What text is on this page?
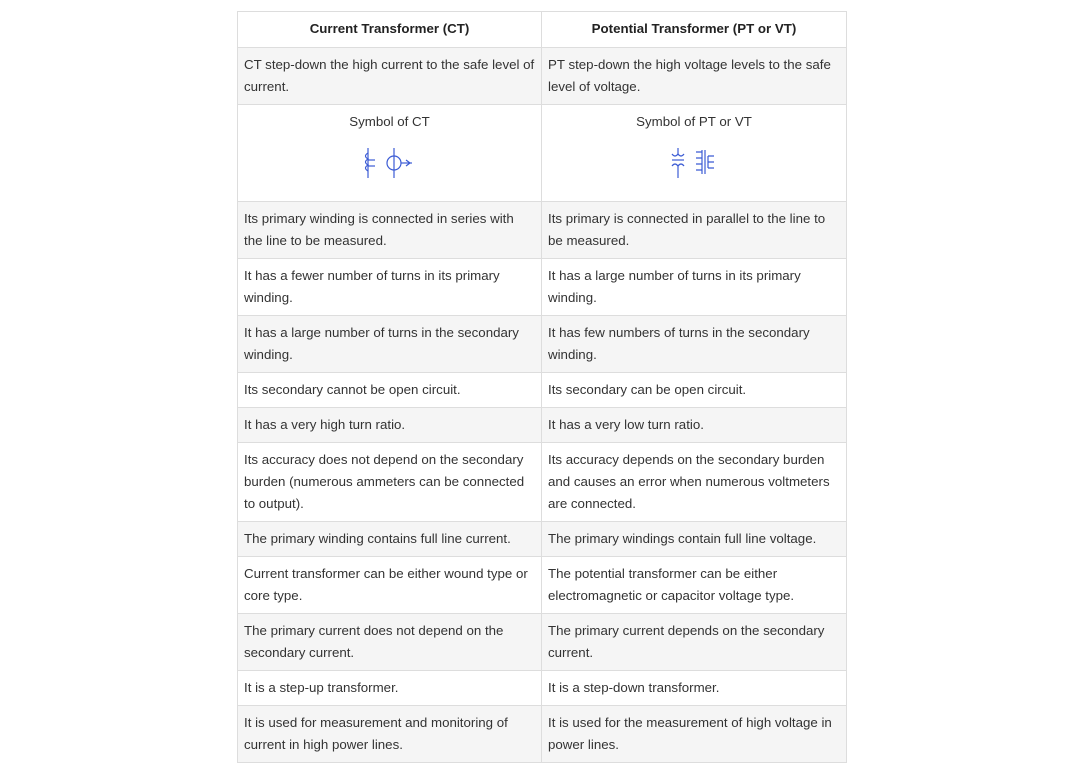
Current Transformer (CT)	Potential Transformer (PT or VT)
CT step-down the high current to the safe level of current.	PT step-down the high voltage levels to the safe level of voltage.

Symbol of CT	Symbol of PT or VT

Its primary winding is connected in series with the line to be measured.	Its primary is connected in parallel to the line to be measured.
It has a fewer number of turns in its primary winding.	It has a large number of turns in its primary winding.
It has a large number of turns in the secondary winding.	It has few numbers of turns in the secondary winding.
Its secondary cannot be open circuit.	Its secondary can be open circuit.
It has a very high turn ratio.	It has a very low turn ratio.
Its accuracy does not depend on the secondary burden (numerous ammeters can be connected to output).	Its accuracy depends on the secondary burden and causes an error when numerous voltmeters are connected.
The primary winding contains full line current.	The primary windings contain full line voltage.
Current transformer can be either wound type or core type.	The potential transformer can be either electromagnetic or capacitor voltage type.
The primary current does not depend on the secondary current.	The primary current depends on the secondary current.
It is a step-up transformer.	It is a step-down transformer.
It is used for measurement and monitoring of current in high power lines.	It is used for the measurement of high voltage in power lines.
